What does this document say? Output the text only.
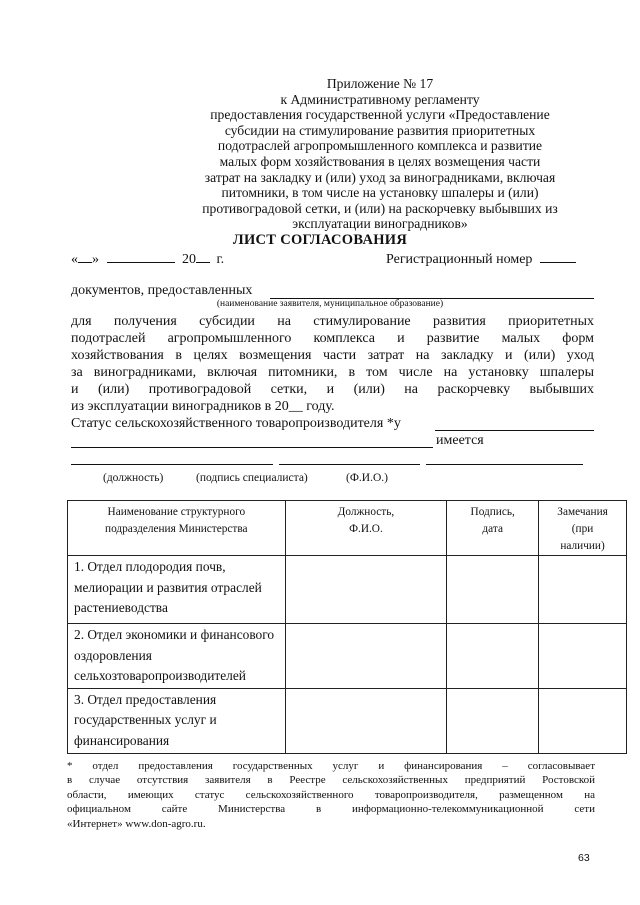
Приложение № 17
к Административному регламенту
предоставления государственной услуги «Предоставление
субсидии на стимулирование развития приоритетных
подотраслей агропромышленного комплекса и развитие
малых форм хозяйствования в целях возмещения части
затрат на закладку и (или) уход за виноградниками, включая
питомники, в том числе на установку шпалеры и (или)
противоградовой сетки, и (или) на раскорчевку выбывших из
эксплуатации виноградников»
ЛИСТ СОГЛАСОВАНИЯ
« »	20 г.	Регистрационный номер
документов, предоставленных
(наименование заявителя, муниципальное образование)
для получения субсидии на стимулирование развития приоритетных
подотраслей агропромышленного комплекса и развитие малых форм
хозяйствования в целях возмещения части затрат на закладку и (или) уход
за виноградниками, включая питомники, в том числе на установку шпалеры
и (или) противоградовой сетки, и (или) на раскорчевку выбывших
из эксплуатации виноградников в 20__ году.
Статус сельскохозяйственного товаропроизводителя *у
имеется
(должность)	(подпись специалиста)	(Ф.И.О.)
Наименование структурного подразделения Министерства	Должность, Ф.И.О.	Подпись, дата	Замечания (при наличии)
1. Отдел плодородия почв, мелиорации и развития отраслей растениеводства			
2. Отдел экономики и финансового оздоровления сельхозтоваропроизводителей			
3. Отдел предоставления государственных услуг и финансирования			

* отдел предоставления государственных услуг и финансирования – согласовывает

в случае отсутствия заявителя в Реестре сельскохозяйственных предприятий Ростовской

области, имеющих статус сельскохозяйственного товаропроизводителя, размещенном на

официальном сайте Министерства в информационно-телекоммуникационной сети

«Интернет» www.don-agro.ru.

63
